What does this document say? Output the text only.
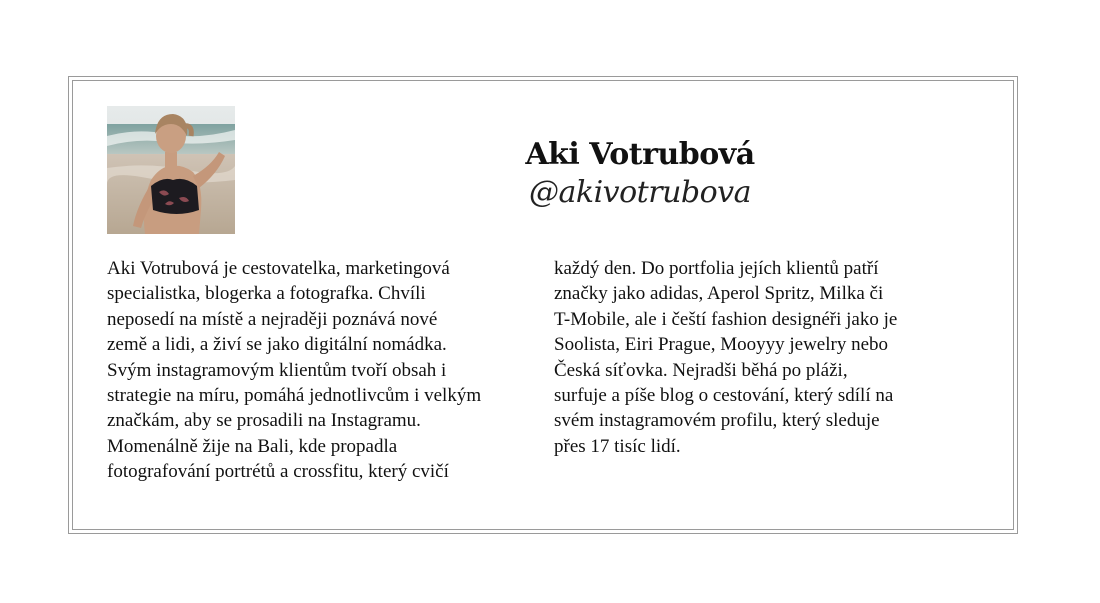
Aki Votrubová
@akivotrubova
Aki Votrubová je cestovatelka, marketingová
specialistka, blogerka a fotografka. Chvíli
neposedí na místě a nejraději poznává nové
země a lidi, a živí se jako digitální nomádka.
Svým instagramovým klientům tvoří obsah i
strategie na míru, pomáhá jednotlivcům i velkým
značkám, aby se prosadili na Instagramu.
Momenálně žije na Bali, kde propadla
fotografování portrétů a crossfitu, který cvičí
každý den. Do portfolia jejích klientů patří
značky jako adidas, Aperol Spritz, Milka či
T-Mobile, ale i čeští fashion designéři jako je
Soolista, Eiri Prague, Mooyyy jewelry nebo
Česká síťovka. Nejradši běhá po pláži,
surfuje a píše blog o cestování, který sdílí na
svém instagramovém profilu, který sleduje
přes 17 tisíc lidí.
